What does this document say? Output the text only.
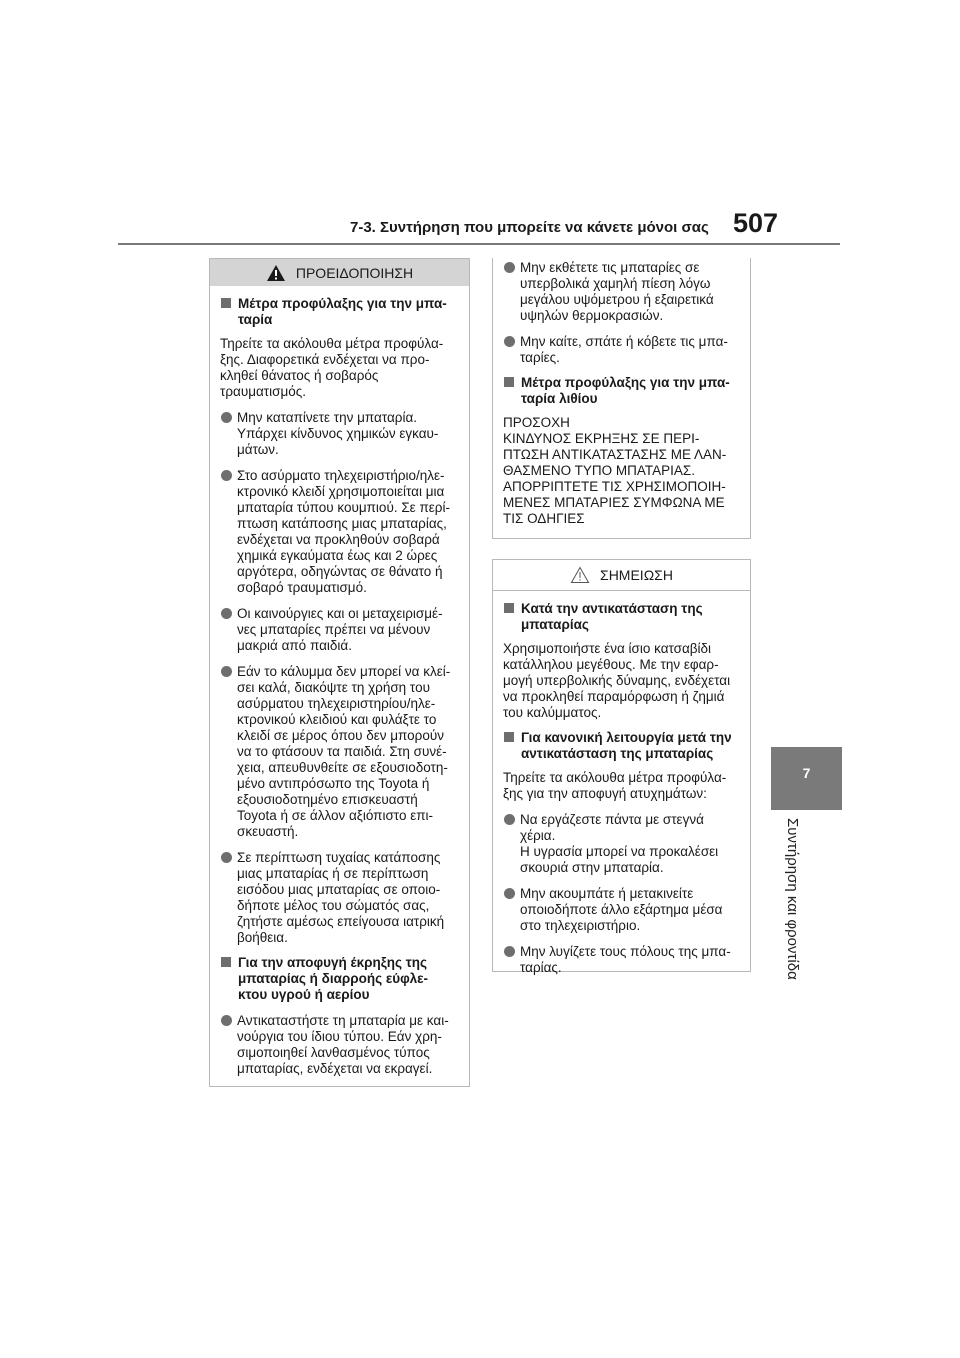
7-3. Συντήρηση που μπορείτε να κάνετε μόνοι σας 507
7
Συντήρηση και φροντίδα
ΠΡΟΕΙΔΟΠΟΙΗΣΗ
Μέτρα προφύλαξης για την μπα-
ταρία
Τηρείτε τα ακόλουθα μέτρα προφύλα-
ξης. Διαφορετικά ενδέχεται να προ-
κληθεί θάνατος ή σοβαρός
τραυματισμός.
Μην καταπίνετε την μπαταρία.
Υπάρχει κίνδυνος χημικών εγκαυ-
μάτων.
Στο ασύρματο τηλεχειριστήριο/ηλε-
κτρονικό κλειδί χρησιμοποιείται μια
μπαταρία τύπου κουμπιού. Σε περί-
πτωση κατάποσης μιας μπαταρίας,
ενδέχεται να προκληθούν σοβαρά
χημικά εγκαύματα έως και 2 ώρες
αργότερα, οδηγώντας σε θάνατο ή
σοβαρό τραυματισμό.
Οι καινούργιες και οι μεταχειρισμέ-
νες μπαταρίες πρέπει να μένουν
μακριά από παιδιά.
Εάν το κάλυμμα δεν μπορεί να κλεί-
σει καλά, διακόψτε τη χρήση του
ασύρματου τηλεχειριστηρίου/ηλε-
κτρονικού κλειδιού και φυλάξτε το
κλειδί σε μέρος όπου δεν μπορούν
να το φτάσουν τα παιδιά. Στη συνέ-
χεια, απευθυνθείτε σε εξουσιοδοτη-
μένο αντιπρόσωπο της Toyota ή
εξουσιοδοτημένο επισκευαστή
Toyota ή σε άλλον αξιόπιστο επι-
σκευαστή.
Σε περίπτωση τυχαίας κατάποσης
μιας μπαταρίας ή σε περίπτωση
εισόδου μιας μπαταρίας σε οποιο-
δήποτε μέλος του σώματός σας,
ζητήστε αμέσως επείγουσα ιατρική
βοήθεια.
Για την αποφυγή έκρηξης της
μπαταρίας ή διαρροής εύφλε-
κτου υγρού ή αερίου
Αντικαταστήστε τη μπαταρία με και-
νούργια του ίδιου τύπου. Εάν χρη-
σιμοποιηθεί λανθασμένος τύπος
μπαταρίας, ενδέχεται να εκραγεί.
Μην εκθέτετε τις μπαταρίες σε
υπερβολικά χαμηλή πίεση λόγω
μεγάλου υψόμετρου ή εξαιρετικά
υψηλών θερμοκρασιών.
Μην καίτε, σπάτε ή κόβετε τις μπα-
ταρίες.
Μέτρα προφύλαξης για την μπα-
ταρία λιθίου
ΠΡΟΣΟΧΗ
ΚΙΝΔΥΝΟΣ ΕΚΡΗΞΗΣ ΣΕ ΠΕΡΙ-
ΠΤΩΣΗ ΑΝΤΙΚΑΤΑΣΤΑΣΗΣ ΜΕ ΛΑΝ-
ΘΑΣΜΕΝΟ ΤΥΠΟ ΜΠΑΤΑΡΙΑΣ.
ΑΠΟΡΡΙΠΤΕΤΕ ΤΙΣ ΧΡΗΣΙΜΟΠΟΙΗ-
ΜΕΝΕΣ ΜΠΑΤΑΡΙΕΣ ΣΥΜΦΩΝΑ ΜΕ
ΤΙΣ ΟΔΗΓΙΕΣ
ΣΗΜΕΙΩΣΗ
Κατά την αντικατάσταση της
μπαταρίας
Χρησιμοποιήστε ένα ίσιο κατσαβίδι
κατάλληλου μεγέθους. Με την εφαρ-
μογή υπερβολικής δύναμης, ενδέχεται
να προκληθεί παραμόρφωση ή ζημιά
του καλύμματος.
Για κανονική λειτουργία μετά την
αντικατάσταση της μπαταρίας
Τηρείτε τα ακόλουθα μέτρα προφύλα-
ξης για την αποφυγή ατυχημάτων:
Να εργάζεστε πάντα με στεγνά
χέρια.
Η υγρασία μπορεί να προκαλέσει
σκουριά στην μπαταρία.
Μην ακουμπάτε ή μετακινείτε
οποιοδήποτε άλλο εξάρτημα μέσα
στο τηλεχειριστήριο.
Μην λυγίζετε τους πόλους της μπα-
ταρίας.
